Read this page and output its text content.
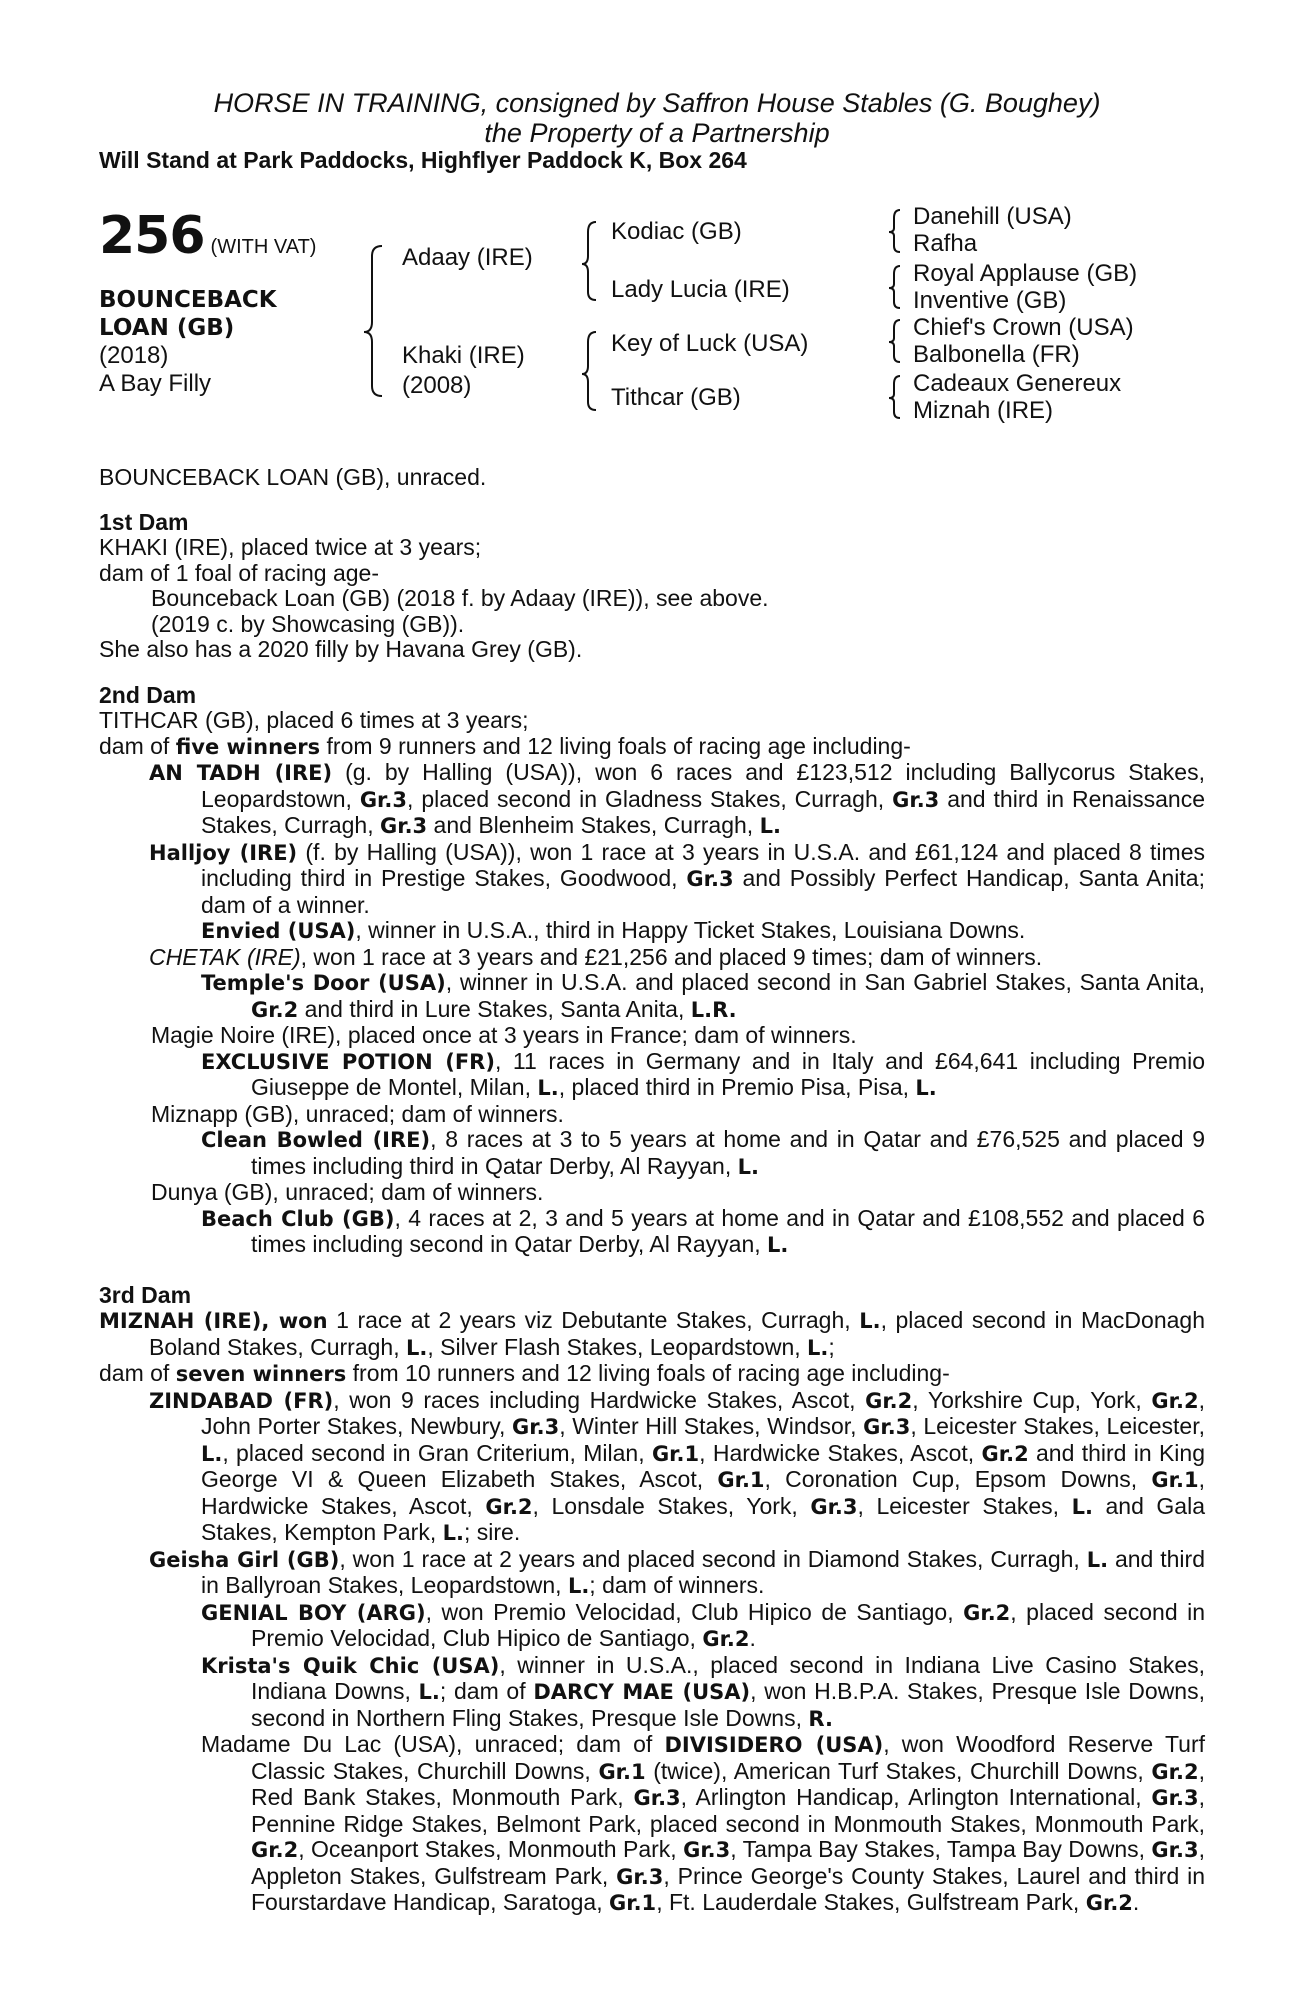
HORSE IN TRAINING, consigned by Saffron House Stables (G. Boughey)
the Property of a Partnership
Will Stand at Park Paddocks, Highflyer Paddock K, Box 264
256 (WITH VAT)
BOUNCEBACK
LOAN (GB)
(2018)
A Bay Filly
Adaay (IRE)
Khaki (IRE)
(2008)
Kodiac (GB)
Lady Lucia (IRE)
Key of Luck (USA)
Tithcar (GB)
Danehill (USA)
Rafha
Royal Applause (GB)
Inventive (GB)
Chief's Crown (USA)
Balbonella (FR)
Cadeaux Genereux
Miznah (IRE)
BOUNCEBACK LOAN (GB), unraced.
1st Dam
KHAKI (IRE), placed twice at 3 years;
dam of 1 foal of racing age-
Bounceback Loan (GB) (2018 f. by Adaay (IRE)), see above.
(2019 c. by Showcasing (GB)).
She also has a 2020 filly by Havana Grey (GB).
2nd Dam
TITHCAR (GB), placed 6 times at 3 years;
dam of five winners from 9 runners and 12 living foals of racing age including-
AN TADH (IRE) (g. by Halling (USA)), won 6 races and £123,512 including Ballycorus Stakes, Leopardstown, Gr.3, placed second in Gladness Stakes, Curragh, Gr.3 and third in Renaissance Stakes, Curragh, Gr.3 and Blenheim Stakes, Curragh, L.
Halljoy (IRE) (f. by Halling (USA)), won 1 race at 3 years in U.S.A. and £61,124 and placed 8 times including third in Prestige Stakes, Goodwood, Gr.3 and Possibly Perfect Handicap, Santa Anita; dam of a winner.
Envied (USA), winner in U.S.A., third in Happy Ticket Stakes, Louisiana Downs.
CHETAK (IRE), won 1 race at 3 years and £21,256 and placed 9 times; dam of winners.
Temple's Door (USA), winner in U.S.A. and placed second in San Gabriel Stakes, Santa Anita, Gr.2 and third in Lure Stakes, Santa Anita, L.R.
Magie Noire (IRE), placed once at 3 years in France; dam of winners.
EXCLUSIVE POTION (FR), 11 races in Germany and in Italy and £64,641 including Premio Giuseppe de Montel, Milan, L., placed third in Premio Pisa, Pisa, L.
Miznapp (GB), unraced; dam of winners.
Clean Bowled (IRE), 8 races at 3 to 5 years at home and in Qatar and £76,525 and placed 9 times including third in Qatar Derby, Al Rayyan, L.
Dunya (GB), unraced; dam of winners.
Beach Club (GB), 4 races at 2, 3 and 5 years at home and in Qatar and £108,552 and placed 6 times including second in Qatar Derby, Al Rayyan, L.
3rd Dam
MIZNAH (IRE), won 1 race at 2 years viz Debutante Stakes, Curragh, L., placed second in MacDonagh Boland Stakes, Curragh, L., Silver Flash Stakes, Leopardstown, L.;
dam of seven winners from 10 runners and 12 living foals of racing age including-
ZINDABAD (FR), won 9 races including Hardwicke Stakes, Ascot, Gr.2, Yorkshire Cup, York, Gr.2, John Porter Stakes, Newbury, Gr.3, Winter Hill Stakes, Windsor, Gr.3, Leicester Stakes, Leicester, L., placed second in Gran Criterium, Milan, Gr.1, Hardwicke Stakes, Ascot, Gr.2 and third in King George VI & Queen Elizabeth Stakes, Ascot, Gr.1, Coronation Cup, Epsom Downs, Gr.1, Hardwicke Stakes, Ascot, Gr.2, Lonsdale Stakes, York, Gr.3, Leicester Stakes, L. and Gala Stakes, Kempton Park, L.; sire.
Geisha Girl (GB), won 1 race at 2 years and placed second in Diamond Stakes, Curragh, L. and third in Ballyroan Stakes, Leopardstown, L.; dam of winners.
GENIAL BOY (ARG), won Premio Velocidad, Club Hipico de Santiago, Gr.2, placed second in Premio Velocidad, Club Hipico de Santiago, Gr.2.
Krista's Quik Chic (USA), winner in U.S.A., placed second in Indiana Live Casino Stakes, Indiana Downs, L.; dam of DARCY MAE (USA), won H.B.P.A. Stakes, Presque Isle Downs, second in Northern Fling Stakes, Presque Isle Downs, R.
Madame Du Lac (USA), unraced; dam of DIVISIDERO (USA), won Woodford Reserve Turf Classic Stakes, Churchill Downs, Gr.1 (twice), American Turf Stakes, Churchill Downs, Gr.2, Red Bank Stakes, Monmouth Park, Gr.3, Arlington Handicap, Arlington International, Gr.3, Pennine Ridge Stakes, Belmont Park, placed second in Monmouth Stakes, Monmouth Park, Gr.2, Oceanport Stakes, Monmouth Park, Gr.3, Tampa Bay Stakes, Tampa Bay Downs, Gr.3, Appleton Stakes, Gulfstream Park, Gr.3, Prince George's County Stakes, Laurel and third in Fourstardave Handicap, Saratoga, Gr.1, Ft. Lauderdale Stakes, Gulfstream Park, Gr.2.
